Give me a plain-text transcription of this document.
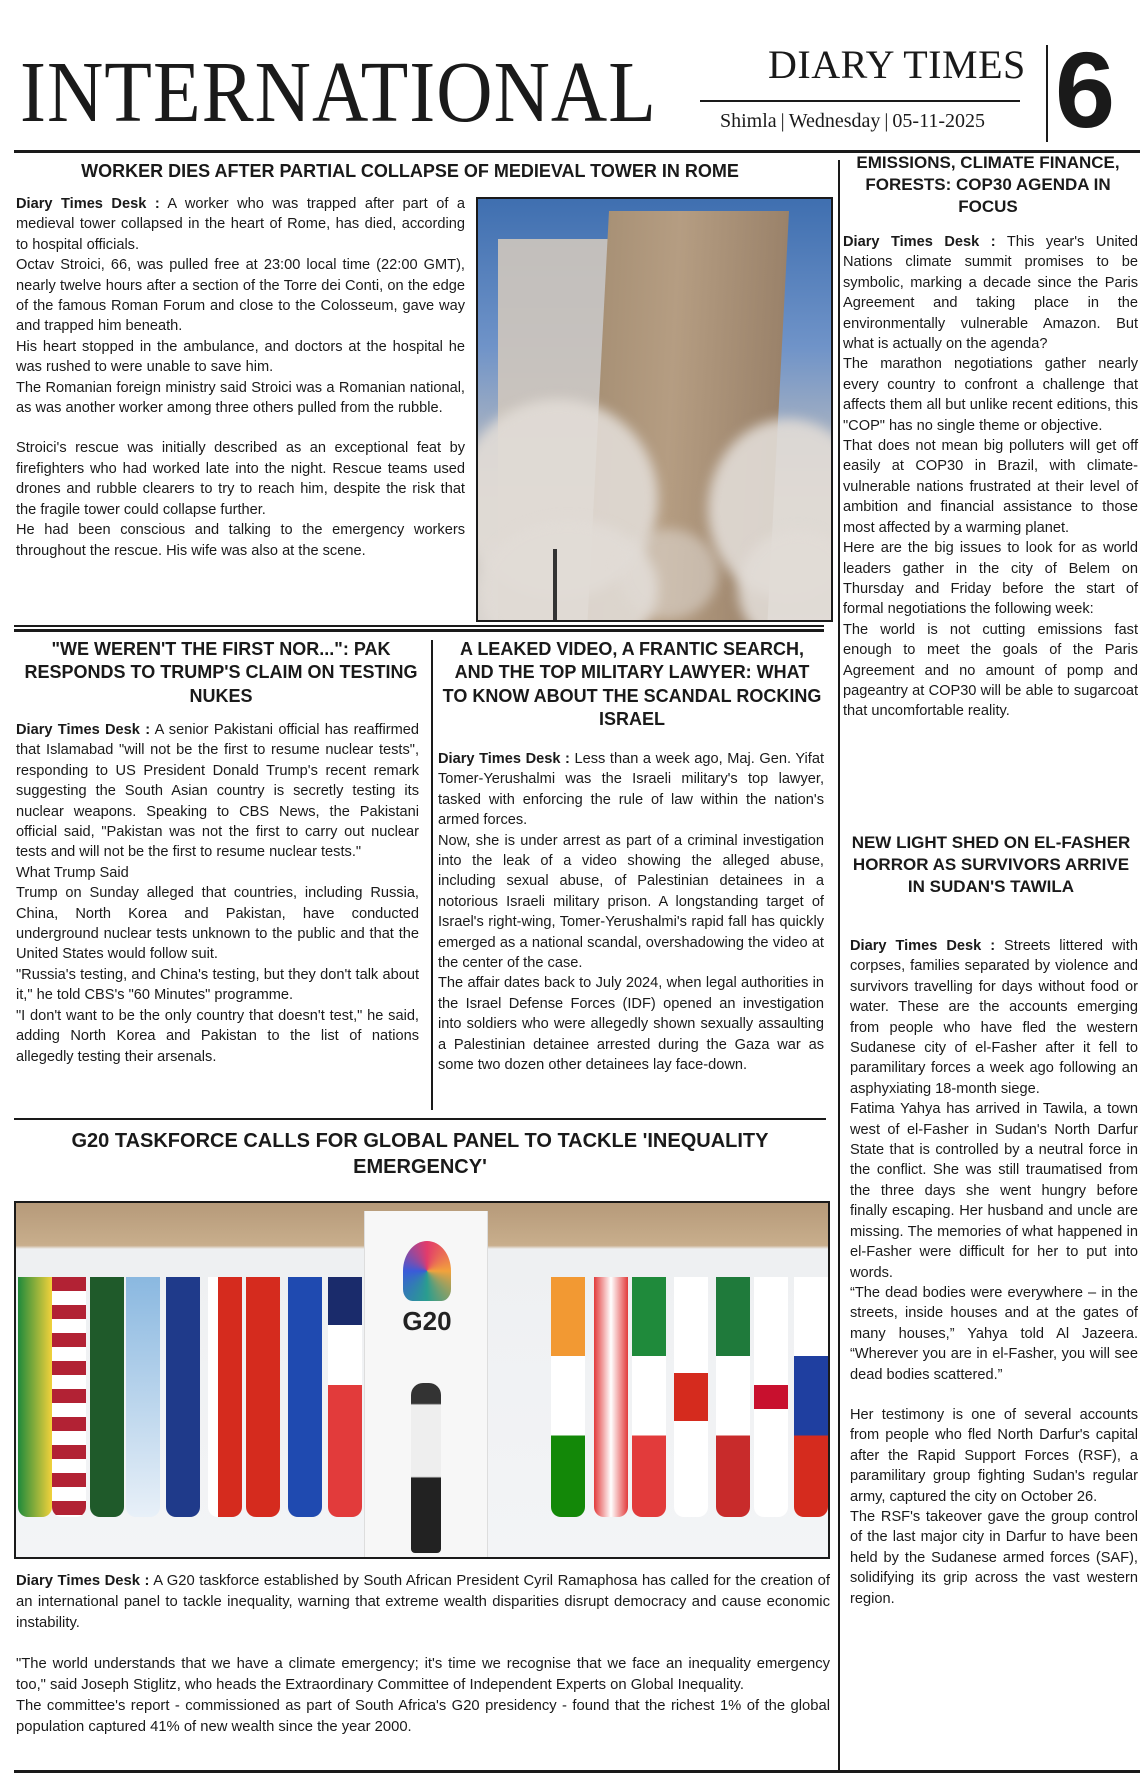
INTERNATIONAL	DIARY TIMES
Shimla | Wednesday | 05-11-2025 6
WORKER DIES AFTER PARTIAL COLLAPSE OF MEDIEVAL TOWER IN ROME

Diary Times Desk : A worker who was trapped after part of a medieval tower collapsed in the heart of Rome, has died, according to hospital officials.

Octav Stroici, 66, was pulled free at 23:00 local time (22:00 GMT), nearly twelve hours after a section of the Torre dei Conti, on the edge of the famous Roman Forum and close to the Colosseum, gave way and trapped him beneath.

His heart stopped in the ambulance, and doctors at the hospital he was rushed to were unable to save him.

The Romanian foreign ministry said Stroici was a Romanian national, as was another worker among three others pulled from the rubble.

Stroici's rescue was initially described as an exceptional feat by firefighters who had worked late into the night. Rescue teams used drones and rubble clearers to try to reach him, despite the risk that the fragile tower could collapse further.

He had been conscious and talking to the emergency workers throughout the rescue. His wife was also at the scene.

"WE WEREN'T THE FIRST NOR...": PAK RESPONDS TO TRUMP'S CLAIM ON TESTING NUKES

Diary Times Desk : A senior Pakistani official has reaffirmed that Islamabad "will not be the first to resume nuclear tests", responding to US President Donald Trump's recent remark suggesting the South Asian country is secretly testing its nuclear weapons. Speaking to CBS News, the Pakistani official said, "Pakistan was not the first to carry out nuclear tests and will not be the first to resume nuclear tests."

What Trump Said

Trump on Sunday alleged that countries, including Russia, China, North Korea and Pakistan, have conducted underground nuclear tests unknown to the public and that the United States would follow suit.

"Russia's testing, and China's testing, but they don't talk about it," he told CBS's "60 Minutes" programme.

"I don't want to be the only country that doesn't test," he said, adding North Korea and Pakistan to the list of nations allegedly testing their arsenals.

A LEAKED VIDEO, A FRANTIC SEARCH, AND THE TOP MILITARY LAWYER: WHAT TO KNOW ABOUT THE SCANDAL ROCKING ISRAEL

Diary Times Desk : Less than a week ago, Maj. Gen. Yifat Tomer-Yerushalmi was the Israeli military's top lawyer, tasked with enforcing the rule of law within the nation's armed forces.

Now, she is under arrest as part of a criminal investigation into the leak of a video showing the alleged abuse, including sexual abuse, of Palestinian detainees in a notorious Israeli military prison. A longstanding target of Israel's right-wing, Tomer-Yerushalmi's rapid fall has quickly emerged as a national scandal, overshadowing the video at the center of the case.

The affair dates back to July 2024, when legal authorities in the Israel Defense Forces (IDF) opened an investigation into soldiers who were allegedly shown sexually assaulting a Palestinian detainee arrested during the Gaza war as some two dozen other detainees lay face-down.

G20 TASKFORCE CALLS FOR GLOBAL PANEL TO TACKLE 'INEQUALITY EMERGENCY'
G20

Diary Times Desk : A G20 taskforce established by South African President Cyril Ramaphosa has called for the creation of an international panel to tackle inequality, warning that extreme wealth disparities disrupt democracy and cause economic instability.

"The world understands that we have a climate emergency; it's time we recognise that we face an inequality emergency too," said Joseph Stiglitz, who heads the Extraordinary Committee of Independent Experts on Global Inequality.

The committee's report - commissioned as part of South Africa's G20 presidency - found that the richest 1% of the global population captured 41% of new wealth since the year 2000.

EMISSIONS, CLIMATE FINANCE, FORESTS: COP30 AGENDA IN FOCUS

Diary Times Desk : This year's United Nations climate summit promises to be symbolic, marking a decade since the Paris Agreement and taking place in the environmentally vulnerable Amazon. But what is actually on the agenda?

The marathon negotiations gather nearly every country to confront a challenge that affects them all but unlike recent editions, this "COP" has no single theme or objective.

That does not mean big polluters will get off easily at COP30 in Brazil, with climate-vulnerable nations frustrated at their level of ambition and financial assistance to those most affected by a warming planet.

Here are the big issues to look for as world leaders gather in the city of Belem on Thursday and Friday before the start of formal negotiations the following week:

The world is not cutting emissions fast enough to meet the goals of the Paris Agreement and no amount of pomp and pageantry at COP30 will be able to sugarcoat that uncomfortable reality.

NEW LIGHT SHED ON EL-FASHER HORROR AS SURVIVORS ARRIVE IN SUDAN'S TAWILA

Diary Times Desk : Streets littered with corpses, families separated by violence and survivors travelling for days without food or water. These are the accounts emerging from people who have fled the western Sudanese city of el-Fasher after it fell to paramilitary forces a week ago following an asphyxiating 18-month siege.

Fatima Yahya has arrived in Tawila, a town west of el-Fasher in Sudan's North Darfur State that is controlled by a neutral force in the conflict. She was still traumatised from the three days she went hungry before finally escaping. Her husband and uncle are missing. The memories of what happened in el-Fasher were difficult for her to put into words.

“The dead bodies were everywhere – in the streets, inside houses and at the gates of many houses,” Yahya told Al Jazeera. “Wherever you are in el-Fasher, you will see dead bodies scattered.”

Her testimony is one of several accounts from people who fled North Darfur's capital after the Rapid Support Forces (RSF), a paramilitary group fighting Sudan's regular army, captured the city on October 26.

The RSF's takeover gave the group control of the last major city in Darfur to have been held by the Sudanese armed forces (SAF), solidifying its grip across the vast western region.
